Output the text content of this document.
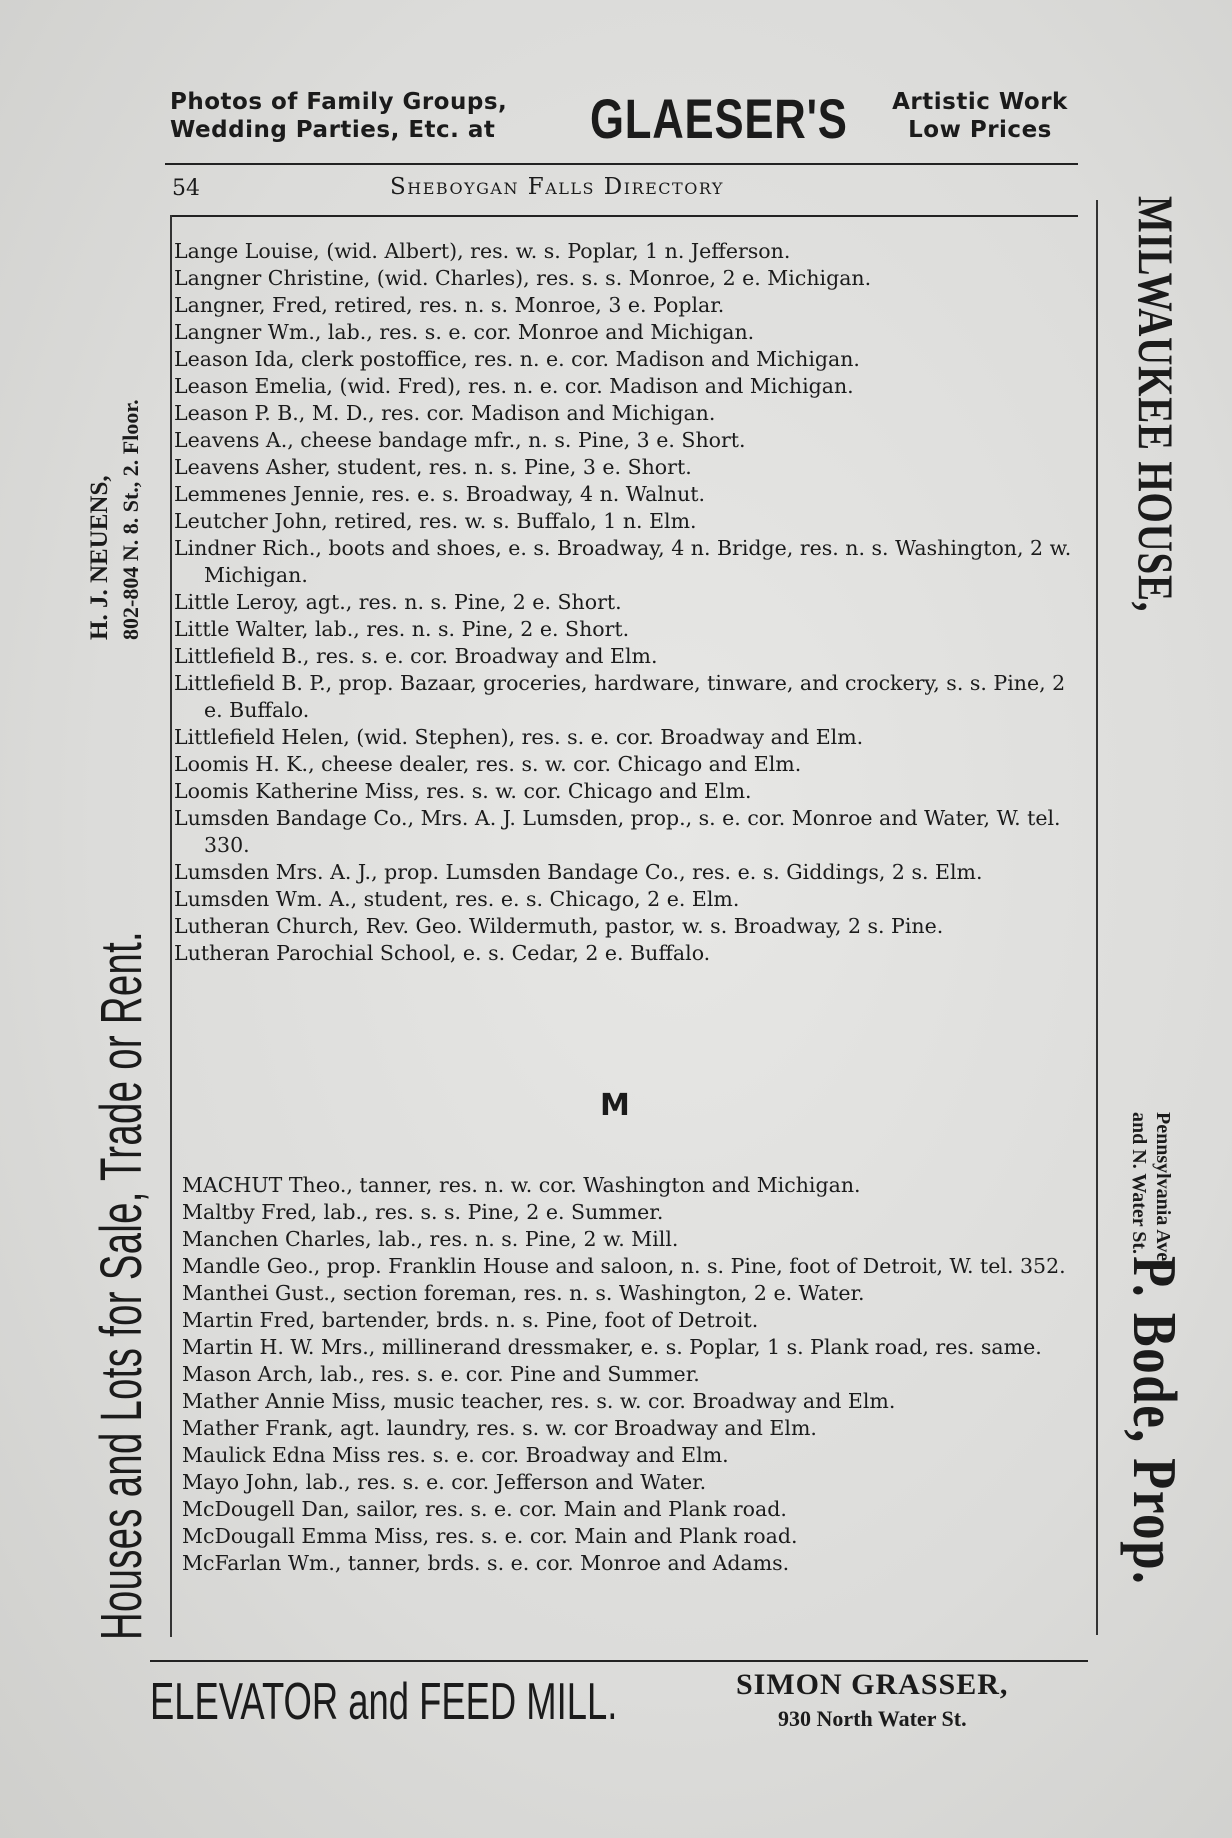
Photos of Family Groups,
Wedding Parties, Etc. at	GLAESER'S	Artistic Work
Low Prices
54	Sheboygan Falls Directory
Houses and Lots for Sale, Trade or Rent.
H. J. NEUENS, 802-804 N. 8. St., 2. Floor.	MILWAUKEE HOUSE,
Pennsylvania Ave.
and N. Water St.
P. Bode, Prop.

Lange Louise, (wid. Albert), res. w. s. Poplar, 1 n. Jefferson.

Langner Christine, (wid. Charles), res. s. s. Monroe, 2 e. Michigan.

Langner, Fred, retired, res. n. s. Monroe, 3 e. Poplar.

Langner Wm., lab., res. s. e. cor. Monroe and Michigan.

Leason Ida, clerk postoffice, res. n. e. cor. Madison and Michigan.

Leason Emelia, (wid. Fred), res. n. e. cor. Madison and Michigan.

Leason P. B., M. D., res. cor. Madison and Michigan.

Leavens A., cheese bandage mfr., n. s. Pine, 3 e. Short.

Leavens Asher, student, res. n. s. Pine, 3 e. Short.

Lemmenes Jennie, res. e. s. Broadway, 4 n. Walnut.

Leutcher John, retired, res. w. s. Buffalo, 1 n. Elm.

Lindner Rich., boots and shoes, e. s. Broadway, 4 n. Bridge, res. n. s. Washington, 2 w. Michigan.

Little Leroy, agt., res. n. s. Pine, 2 e. Short.

Little Walter, lab., res. n. s. Pine, 2 e. Short.

Littlefield B., res. s. e. cor. Broadway and Elm.

Littlefield B. P., prop. Bazaar, groceries, hardware, tinware, and crockery, s. s. Pine, 2 e. Buffalo.

Littlefield Helen, (wid. Stephen), res. s. e. cor. Broadway and Elm.

Loomis H. K., cheese dealer, res. s. w. cor. Chicago and Elm.

Loomis Katherine Miss, res. s. w. cor. Chicago and Elm.

Lumsden Bandage Co., Mrs. A. J. Lumsden, prop., s. e. cor. Monroe and Water, W. tel. 330.

Lumsden Mrs. A. J., prop. Lumsden Bandage Co., res. e. s. Giddings, 2 s. Elm.

Lumsden Wm. A., student, res. e. s. Chicago, 2 e. Elm.

Lutheran Church, Rev. Geo. Wildermuth, pastor, w. s. Broadway, 2 s. Pine.

Lutheran Parochial School, e. s. Cedar, 2 e. Buffalo.

M

MACHUT Theo., tanner, res. n. w. cor. Washington and Michigan.

Maltby Fred, lab., res. s. s. Pine, 2 e. Summer.

Manchen Charles, lab., res. n. s. Pine, 2 w. Mill.

Mandle Geo., prop. Franklin House and saloon, n. s. Pine, foot of Detroit, W. tel. 352.

Manthei Gust., section foreman, res. n. s. Washington, 2 e. Water.

Martin Fred, bartender, brds. n. s. Pine, foot of Detroit.

Martin H. W. Mrs., millinerand dressmaker, e. s. Poplar, 1 s. Plank road, res. same.

Mason Arch, lab., res. s. e. cor. Pine and Summer.

Mather Annie Miss, music teacher, res. s. w. cor. Broadway and Elm.

Mather Frank, agt. laundry, res. s. w. cor Broadway and Elm.

Maulick Edna Miss res. s. e. cor. Broadway and Elm.

Mayo John, lab., res. s. e. cor. Jefferson and Water.

McDougell Dan, sailor, res. s. e. cor. Main and Plank road.

McDougall Emma Miss, res. s. e. cor. Main and Plank road.

McFarlan Wm., tanner, brds. s. e. cor. Monroe and Adams.

ELEVATOR and FEED MILL.	SIMON GRASSER,
930 North Water St.
